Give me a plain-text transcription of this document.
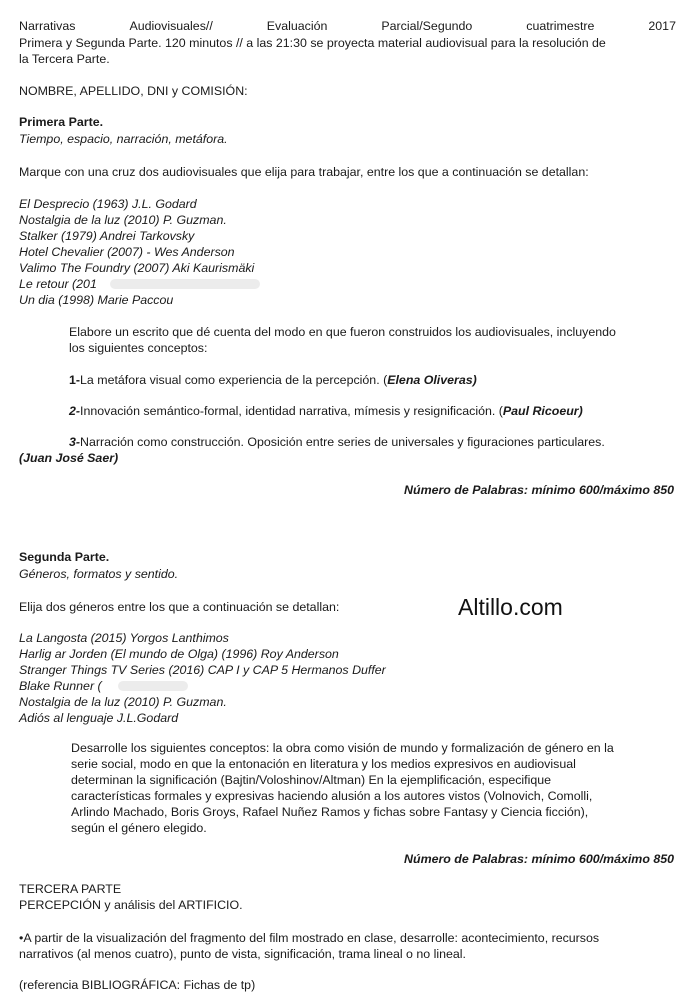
Narrativas	Audiovisuales//	Evaluación	Parcial/Segundo	cuatrimestre	2017
Primera y Segunda Parte. 120 minutos // a las 21:30 se proyecta material audiovisual para la resolución de
la Tercera Parte.
NOMBRE, APELLIDO, DNI y COMISIÓN:
Primera Parte.
Tiempo, espacio, narración, metáfora.
Marque con una cruz dos audiovisuales que elija para trabajar, entre los que a continuación se detallan:
El Desprecio (1963) J.L. Godard
Nostalgia de la luz (2010) P. Guzman.
Stalker (1979) Andrei Tarkovsky
Hotel Chevalier (2007) - Wes Anderson
Valimo The Foundry (2007) Aki Kaurismäki
Le retour (201
Un dia (1998) Marie Paccou
Elabore un escrito que dé cuenta del modo en que fueron construidos los audiovisuales, incluyendo
los siguientes conceptos:
1-La metáfora visual como experiencia de la percepción. (Elena Oliveras)
2-Innovación semántico-formal, identidad narrativa, mímesis y resignificación. (Paul Ricoeur)
3-Narración como construcción. Oposición entre series de universales y figuraciones particulares.
(Juan José Saer)
Número de Palabras: mínimo 600/máximo 850
Segunda Parte.
Géneros, formatos y sentido.
Elija dos géneros entre los que a continuación se detallan:	Altillo.com
La Langosta (2015) Yorgos Lanthimos
Harlig ar Jorden (El mundo de Olga) (1996) Roy Anderson
Stranger Things TV Series (2016) CAP I y CAP 5 Hermanos Duffer
Blake Runner (
Nostalgia de la luz (2010) P. Guzman.
Adiós al lenguaje J.L.Godard
Desarrolle los siguientes conceptos: la obra como visión de mundo y formalización de género en la
serie social, modo en que la entonación en literatura y los medios expresivos en audiovisual
determinan la significación (Bajtin/Voloshinov/Altman) En la ejemplificación, especifique
características formales y expresivas haciendo alusión a los autores vistos (Volnovich, Comolli,
Arlindo Machado, Boris Groys, Rafael Nuñez Ramos y fichas sobre Fantasy y Ciencia ficción),
según el género elegido.
Número de Palabras: mínimo 600/máximo 850
TERCERA PARTE
PERCEPCIÓN y análisis del ARTIFICIO.
•A partir de la visualización del fragmento del film mostrado en clase, desarrolle: acontecimiento, recursos
narrativos (al menos cuatro), punto de vista, significación, trama lineal o no lineal.
(referencia BIBLIOGRÁFICA: Fichas de tp)
